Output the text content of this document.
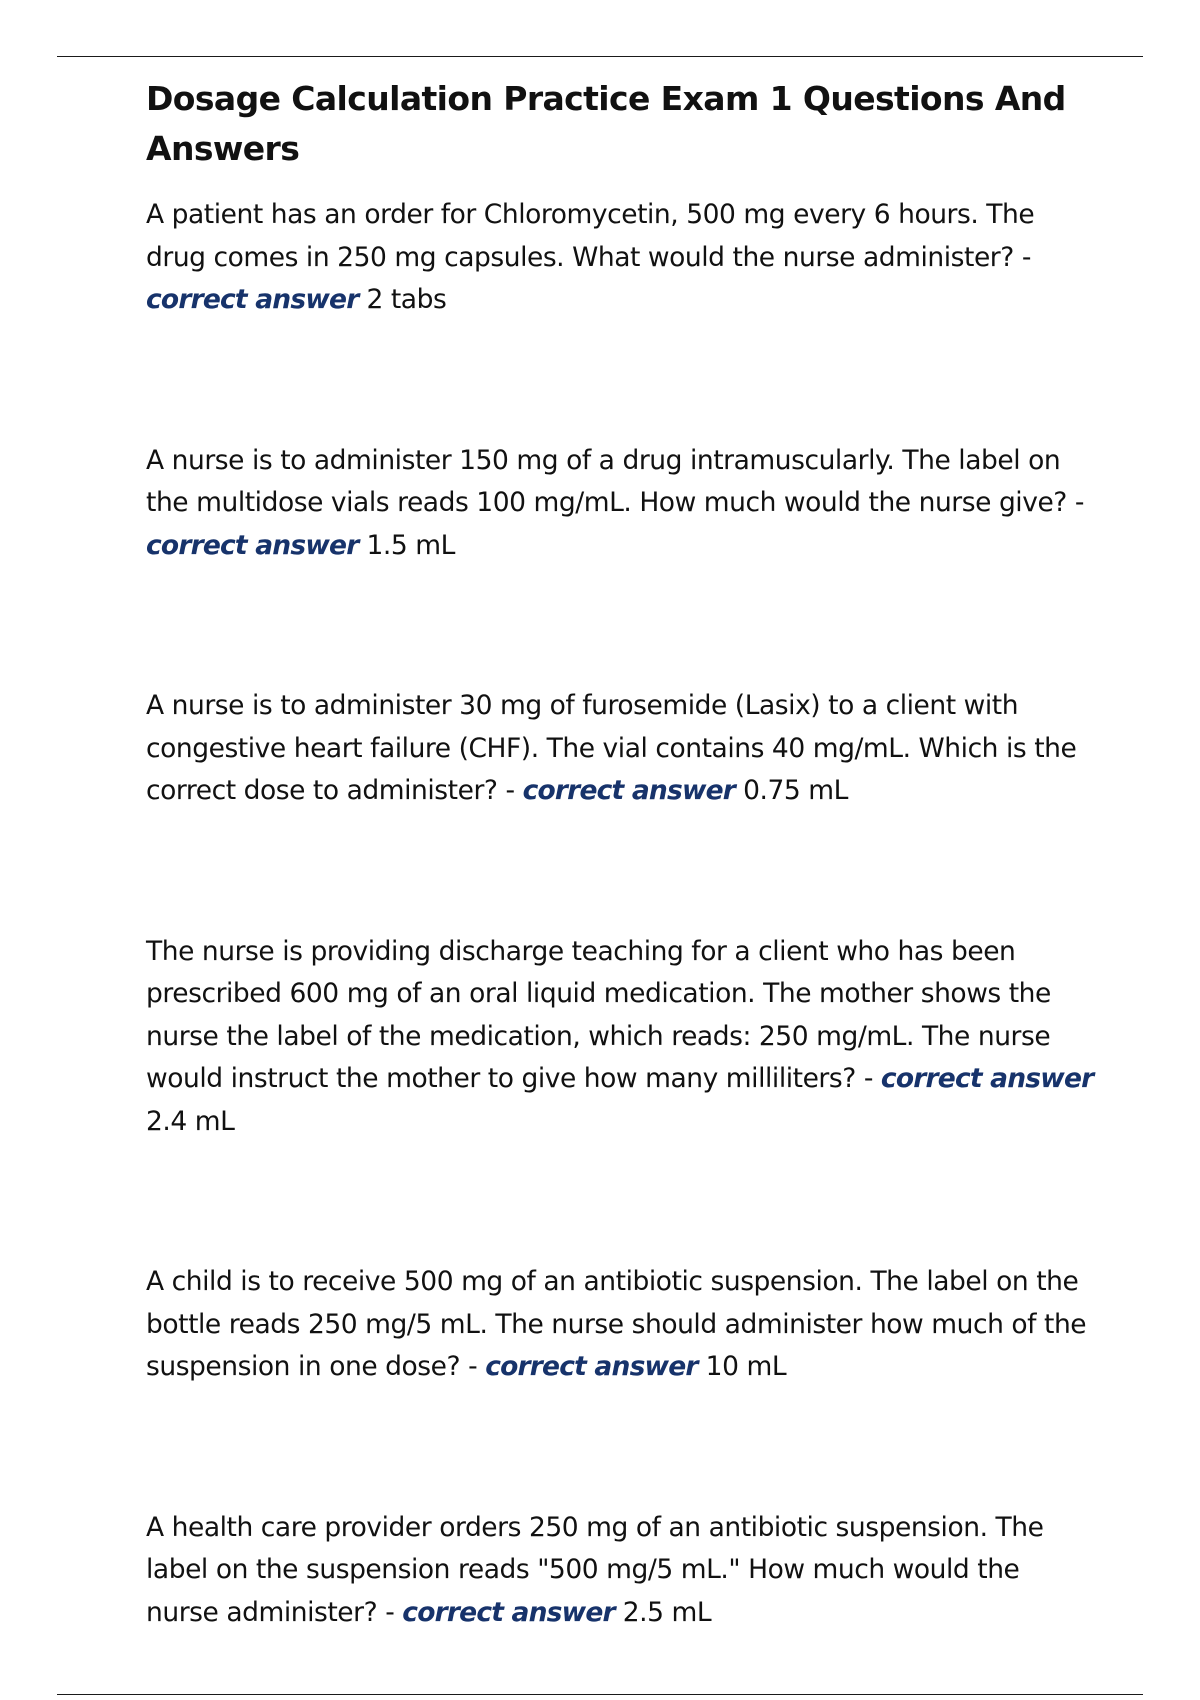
Dosage Calculation Practice Exam 1 Questions And Answers

A patient has an order for Chloromycetin, 500 mg every 6 hours. The drug comes in 250 mg capsules. What would the nurse administer? - correct answer 2 tabs

A nurse is to administer 150 mg of a drug intramuscularly. The label on the multidose vials reads 100 mg/mL. How much would the nurse give? - correct answer 1.5 mL

A nurse is to administer 30 mg of furosemide (Lasix) to a client with congestive heart failure (CHF). The vial contains 40 mg/mL. Which is the correct dose to administer? - correct answer 0.75 mL

The nurse is providing discharge teaching for a client who has been prescribed 600 mg of an oral liquid medication. The mother shows the nurse the label of the medication, which reads: 250 mg/mL. The nurse would instruct the mother to give how many milliliters? - correct answer 2.4 mL

A child is to receive 500 mg of an antibiotic suspension. The label on the bottle reads 250 mg/5 mL. The nurse should administer how much of the suspension in one dose? - correct answer 10 mL

A health care provider orders 250 mg of an antibiotic suspension. The label on the suspension reads "500 mg/5 mL." How much would the nurse administer? - correct answer 2.5 mL
